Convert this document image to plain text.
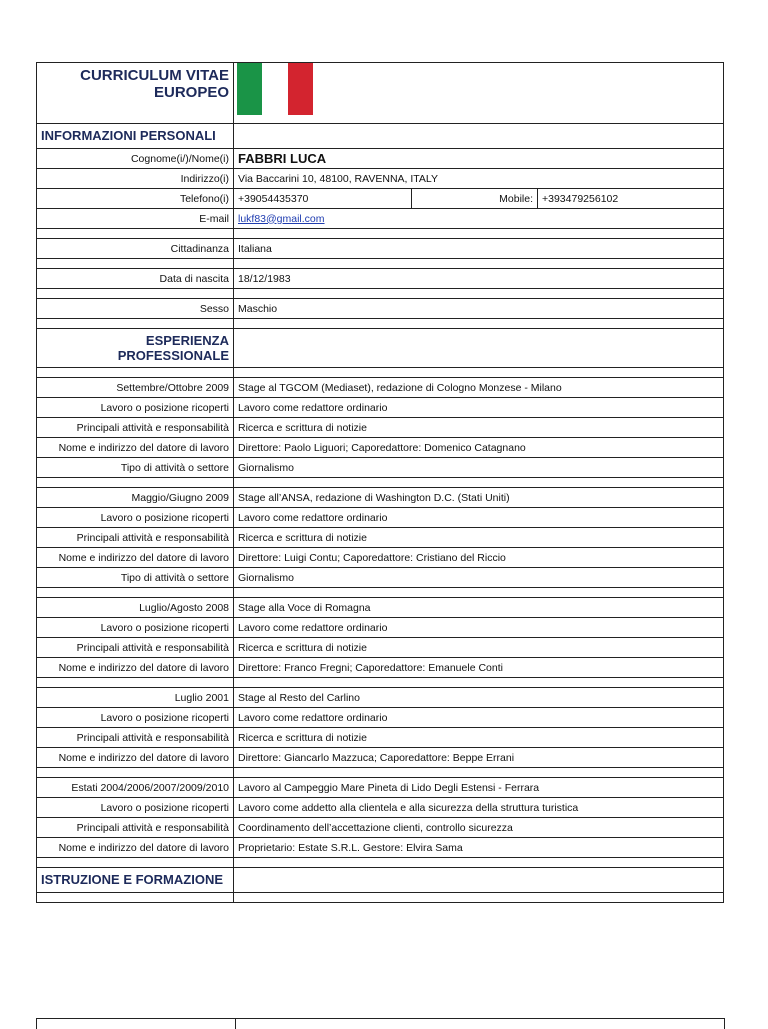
CURRICULUM VITAE
EUROPEO			

INFORMAZIONI PERSONALI			
Cognome(i/)/Nome(i)	FABBRI LUCA		
Indirizzo(i)	Via Baccarini 10, 48100, RAVENNA, ITALY		
Telefono(i)	+39054435370	Mobile:	+393479256102
E-mail	lukf83@gmail.com		

Cittadinanza	Italiana		

Data di nascita	18/12/1983		

Sesso	Maschio		

ESPERIENZA
PROFESSIONALE			

Settembre/Ottobre 2009	Stage al TGCOM (Mediaset), redazione di Cologno Monzese - Milano		
Lavoro o posizione ricoperti	Lavoro come redattore ordinario		
Principali attività e responsabilità	Ricerca e scrittura di notizie		
Nome e indirizzo del datore di lavoro	Direttore: Paolo Liguori; Caporedattore: Domenico Catagnano		
Tipo di attività o settore	Giornalismo		

Maggio/Giugno 2009	Stage all’ANSA, redazione di Washington D.C. (Stati Uniti)		
Lavoro o posizione ricoperti	Lavoro come redattore ordinario		
Principali attività e responsabilità	Ricerca e scrittura di notizie		
Nome e indirizzo del datore di lavoro	Direttore: Luigi Contu; Caporedattore: Cristiano del Riccio		
Tipo di attività o settore	Giornalismo		

Luglio/Agosto 2008	Stage alla Voce di Romagna		
Lavoro o posizione ricoperti	Lavoro come redattore ordinario		
Principali attività e responsabilità	Ricerca e scrittura di notizie		
Nome e indirizzo del datore di lavoro	Direttore: Franco Fregni; Caporedattore: Emanuele Conti		

Luglio 2001	Stage al Resto del Carlino		
Lavoro o posizione ricoperti	Lavoro come redattore ordinario		
Principali attività e responsabilità	Ricerca e scrittura di notizie		
Nome e indirizzo del datore di lavoro	Direttore: Giancarlo Mazzuca; Caporedattore: Beppe Errani		

Estati 2004/2006/2007/2009/2010	Lavoro al Campeggio Mare Pineta di Lido Degli Estensi - Ferrara		
Lavoro o posizione ricoperti	Lavoro come addetto alla clientela e alla sicurezza della struttura turistica		
Principali attività e responsabilità	Coordinamento dell’accettazione clienti, controllo sicurezza		
Nome e indirizzo del datore di lavoro	Proprietario: Estate S.R.L. Gestore: Elvira Sama		

ISTRUZIONE E FORMAZIONE			
